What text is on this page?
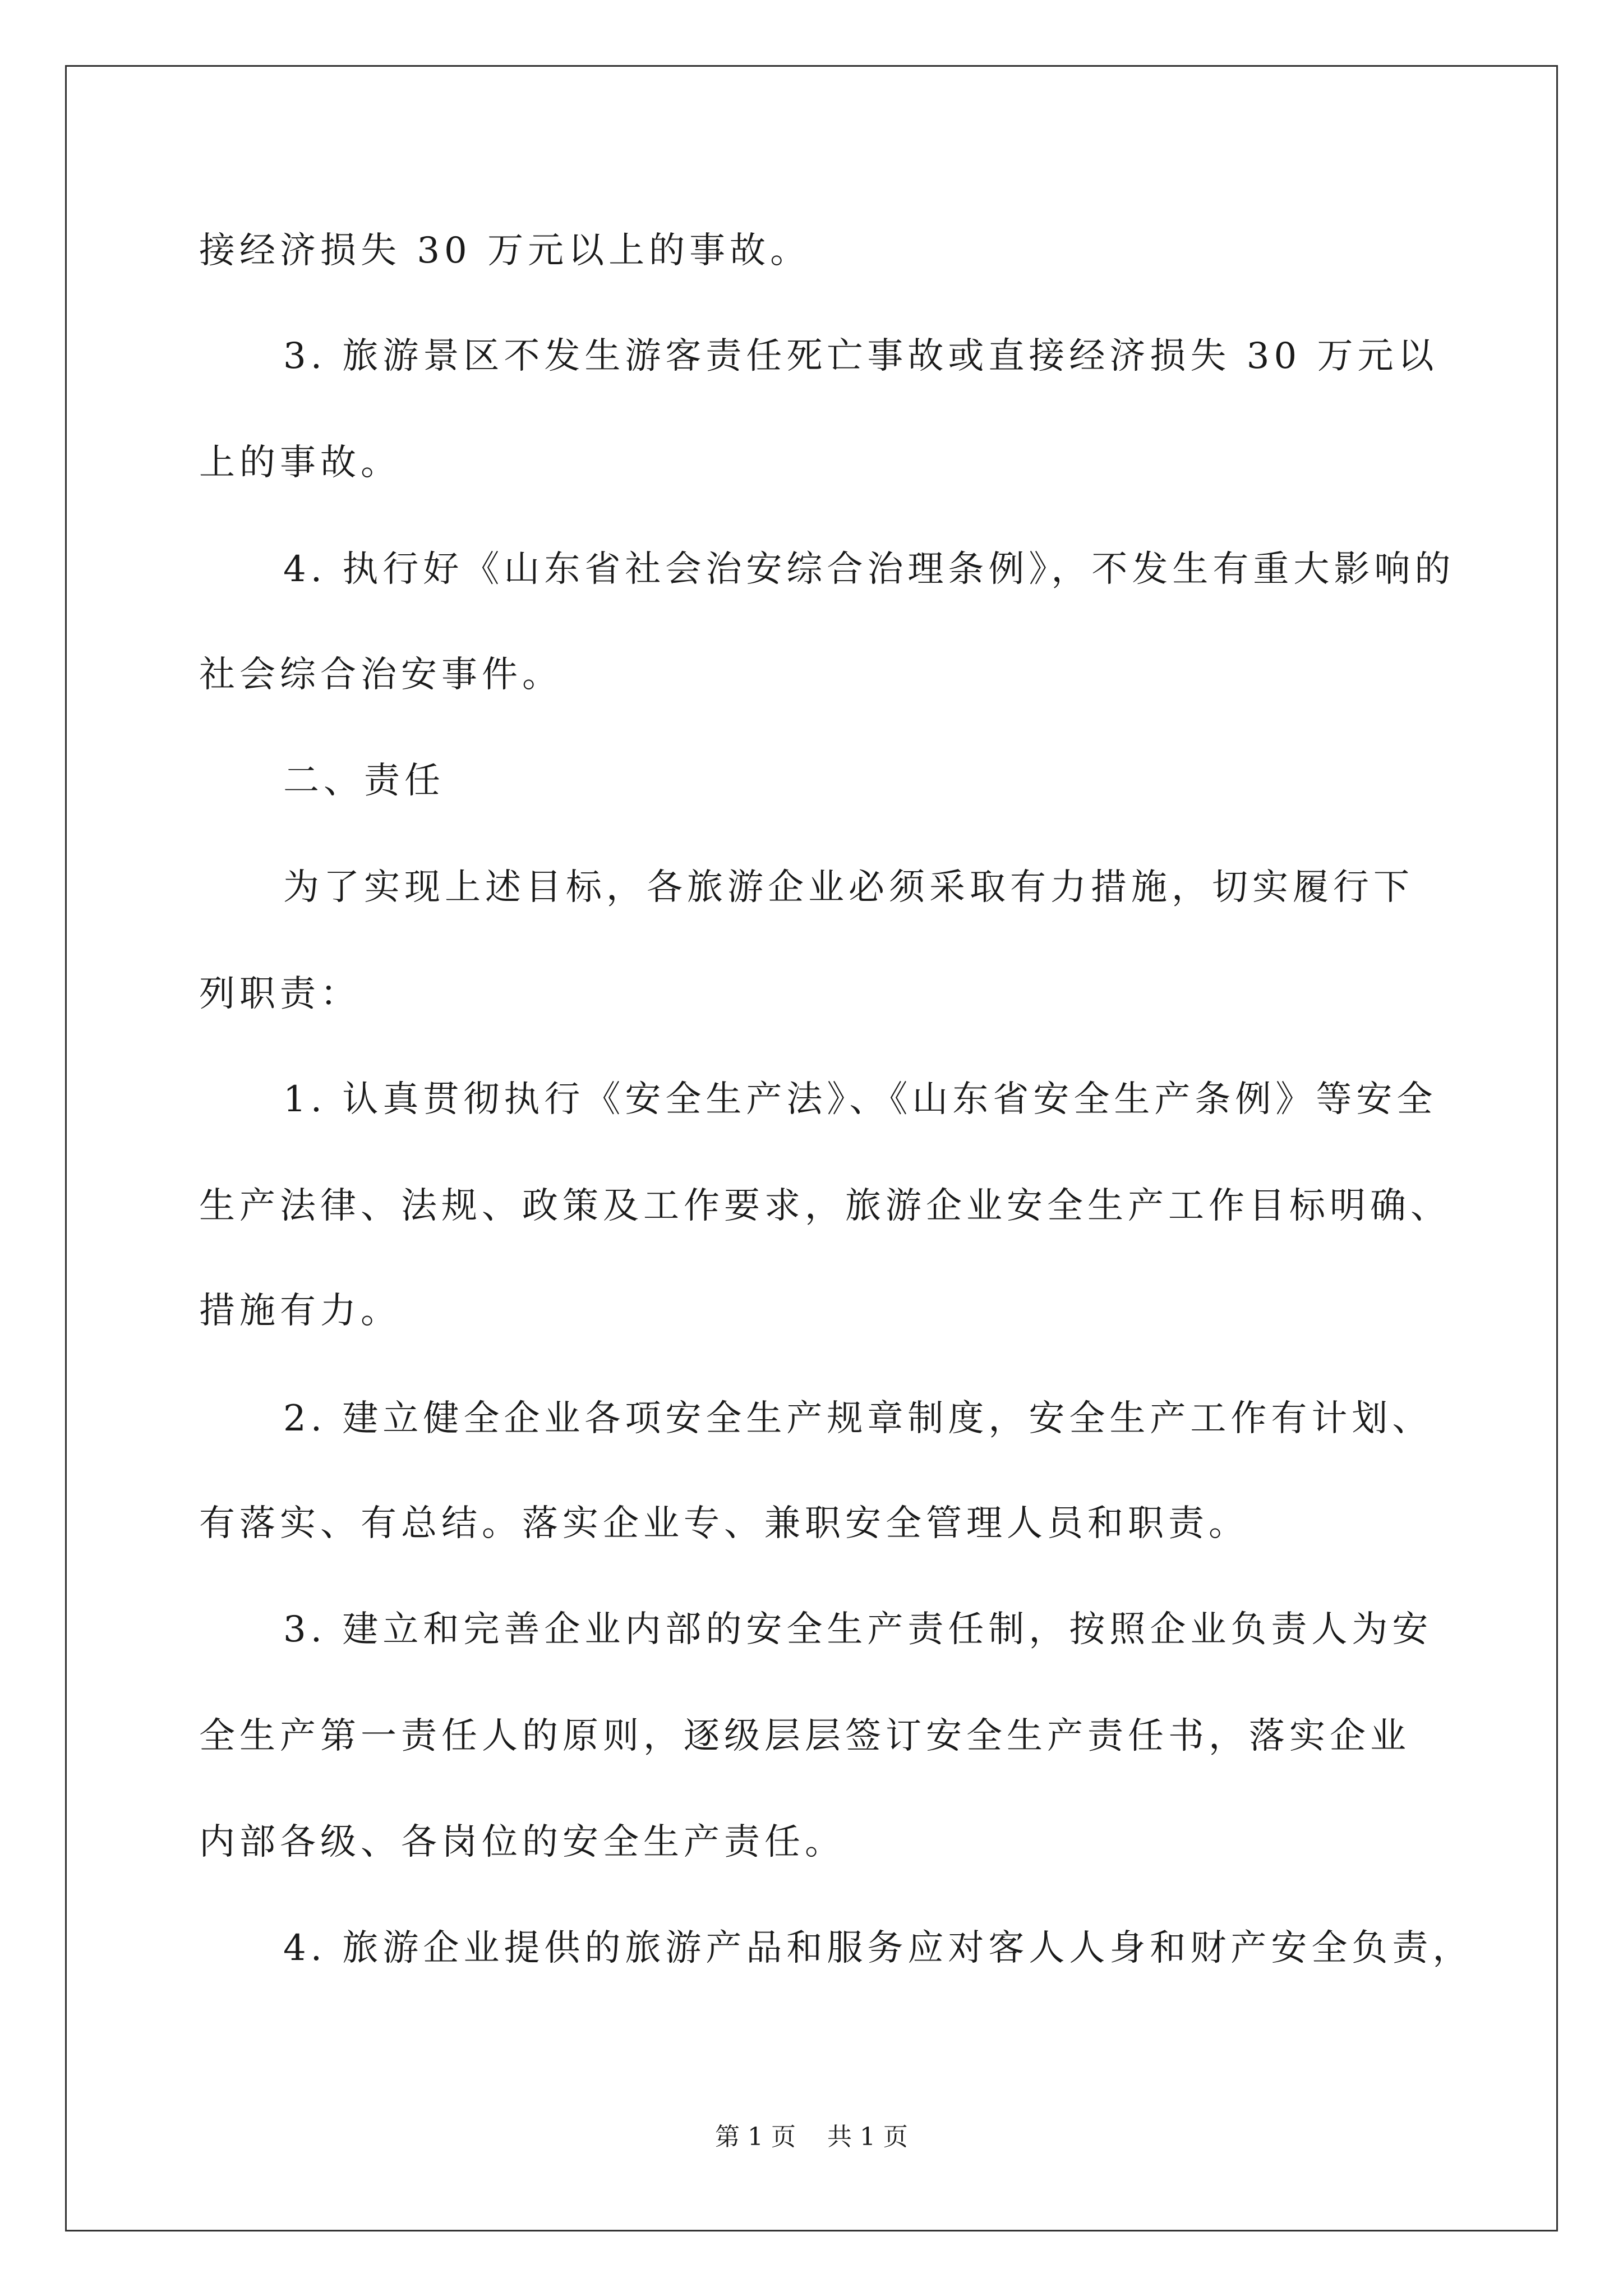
接经济损失 30 万元以上的事故。
3. 旅游景区不发生游客责任死亡事故或直接经济损失 30 万元以
上的事故。
4. 执行好《山东省社会治安综合治理条例》，不发生有重大影响的
社会综合治安事件。
二、责任
为了实现上述目标，各旅游企业必须采取有力措施，切实履行下
列职责：
1. 认真贯彻执行《安全生产法》、《山东省安全生产条例》等安全
生产法律、法规、政策及工作要求，旅游企业安全生产工作目标明确、
措施有力。
2. 建立健全企业各项安全生产规章制度，安全生产工作有计划、
有落实、有总结。落实企业专、兼职安全管理人员和职责。
3. 建立和完善企业内部的安全生产责任制，按照企业负责人为安
全生产第一责任人的原则，逐级层层签订安全生产责任书，落实企业
内部各级、各岗位的安全生产责任。
4. 旅游企业提供的旅游产品和服务应对客人人身和财产安全负责，
第 1 页    共 1 页
